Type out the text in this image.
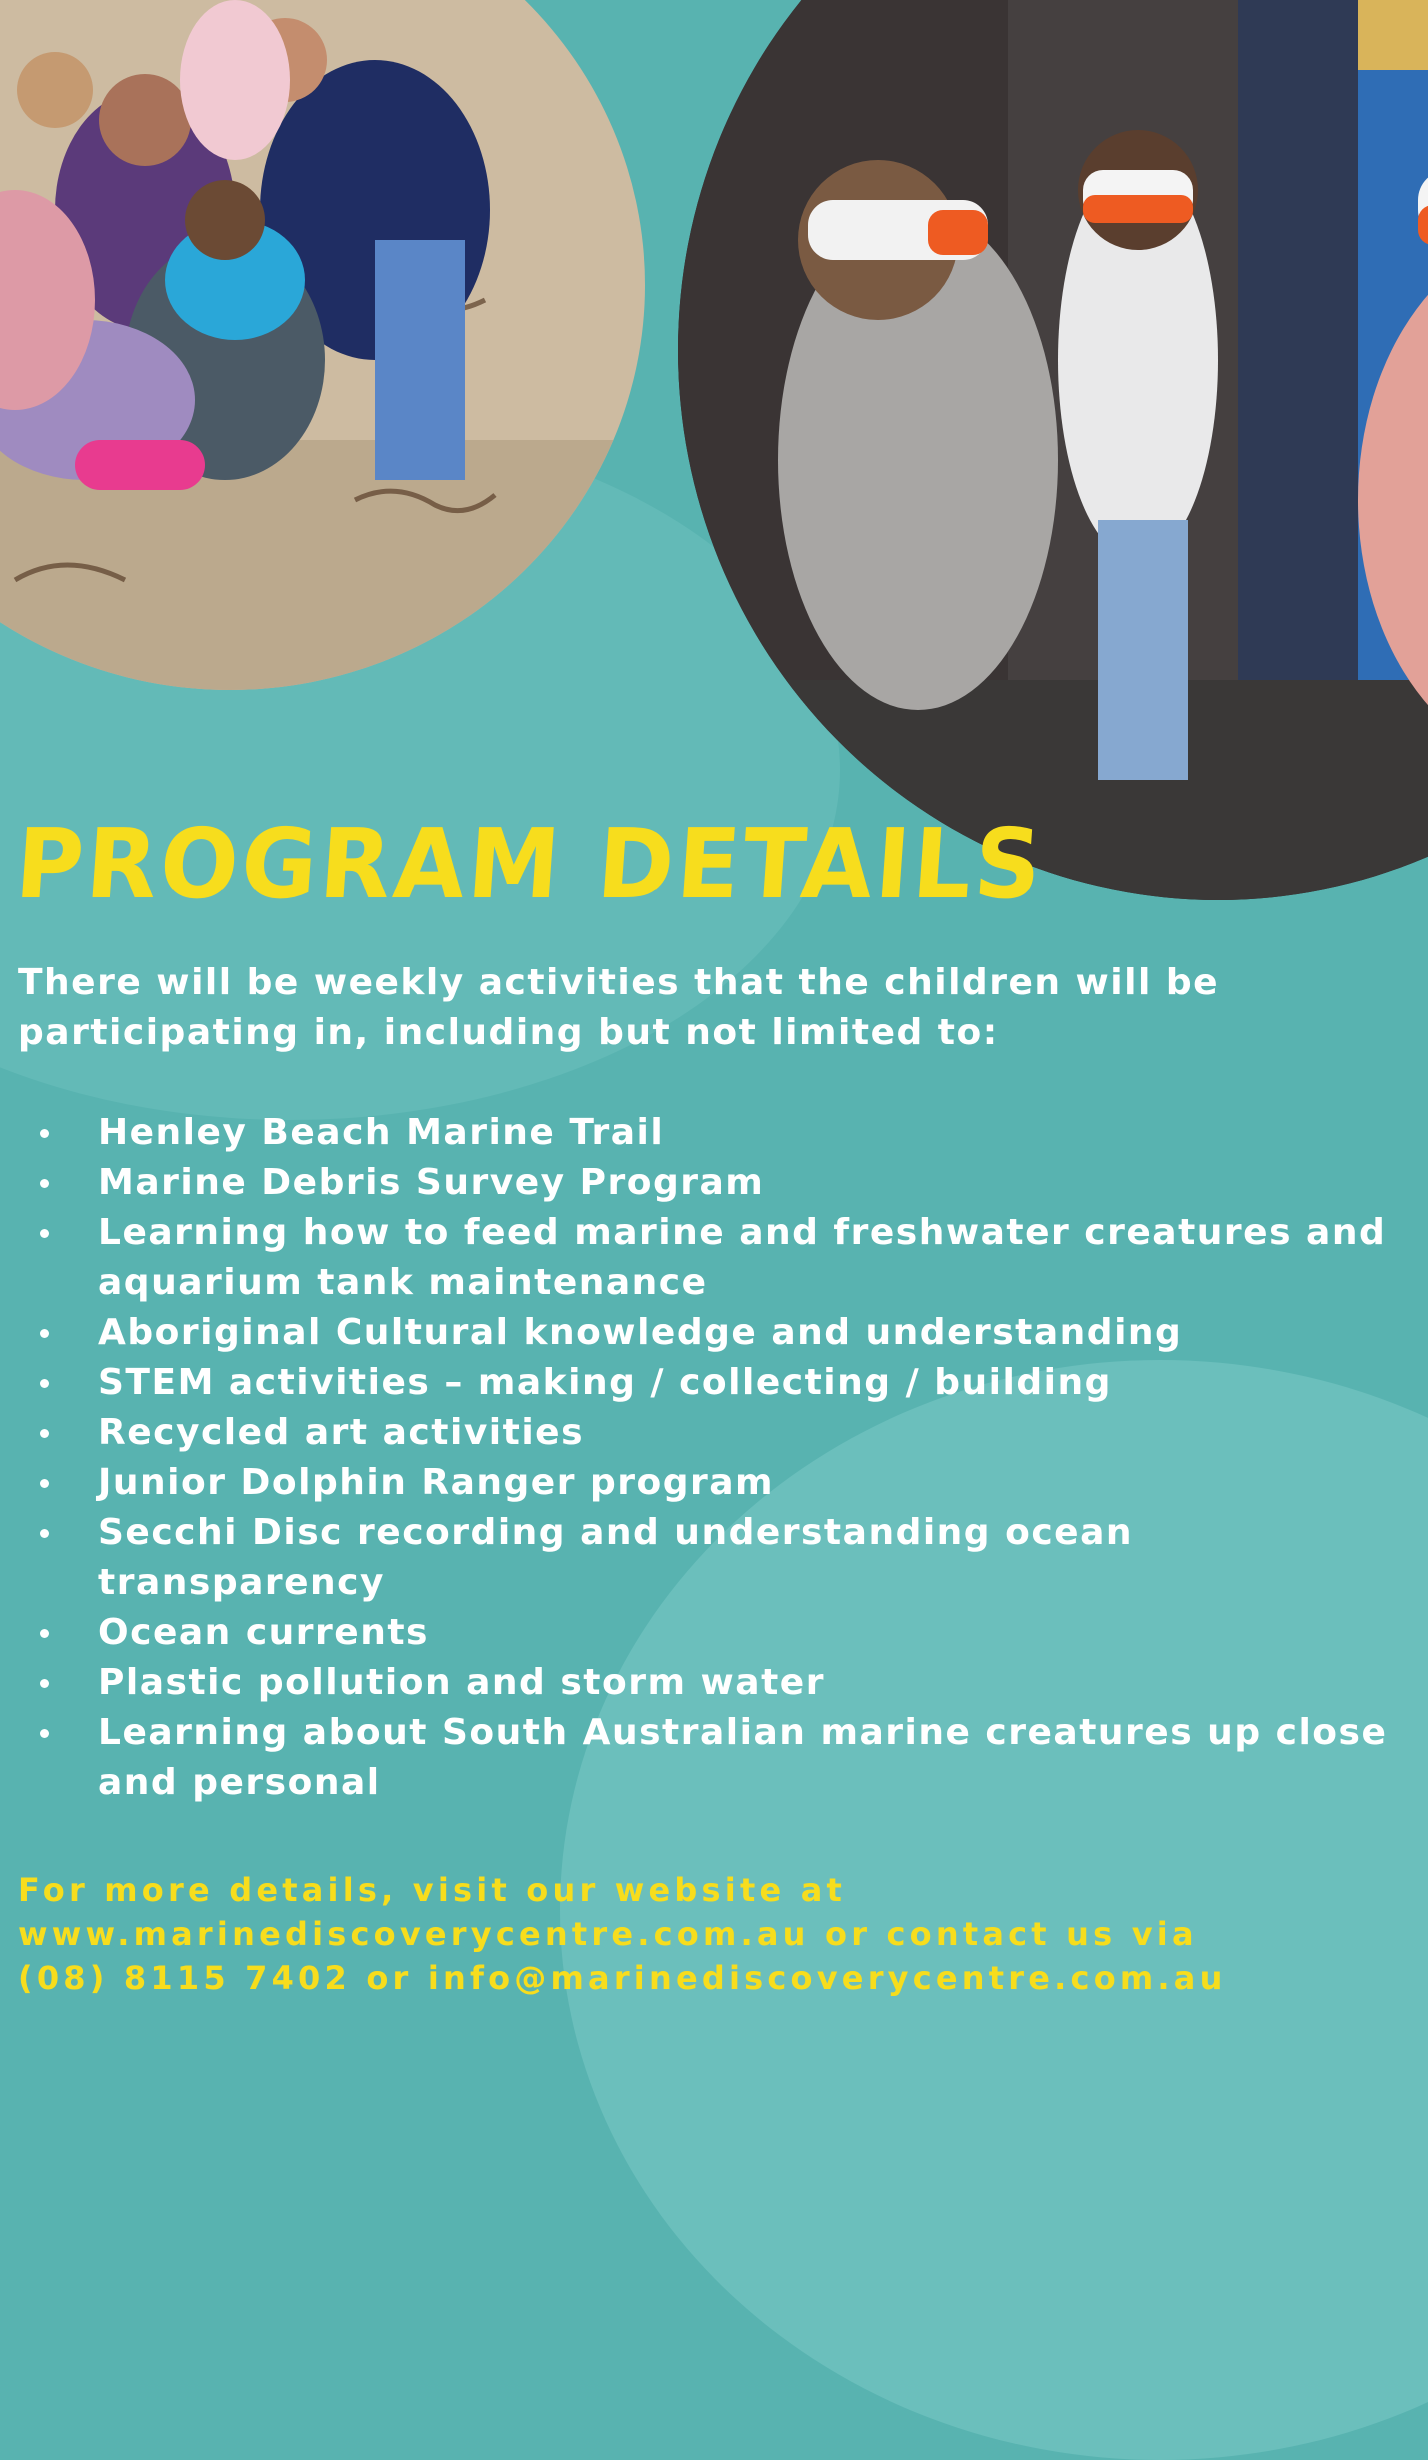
PROGRAM DETAILS

There will be weekly activities that the children will be participating in, including but not limited to:

Henley Beach Marine Trail
Marine Debris Survey Program
Learning how to feed marine and freshwater creatures and aquarium tank maintenance
Aboriginal Cultural knowledge and understanding
STEM activities – making / collecting / building
Recycled art activities
Junior Dolphin Ranger program
Secchi Disc recording and understanding ocean transparency
Ocean currents
Plastic pollution and storm water
Learning about South Australian marine creatures up close and personal

For more details, visit our website at
www.marinediscoverycentre.com.au or contact us via
(08) 8115 7402 or info@marinediscoverycentre.com.au
